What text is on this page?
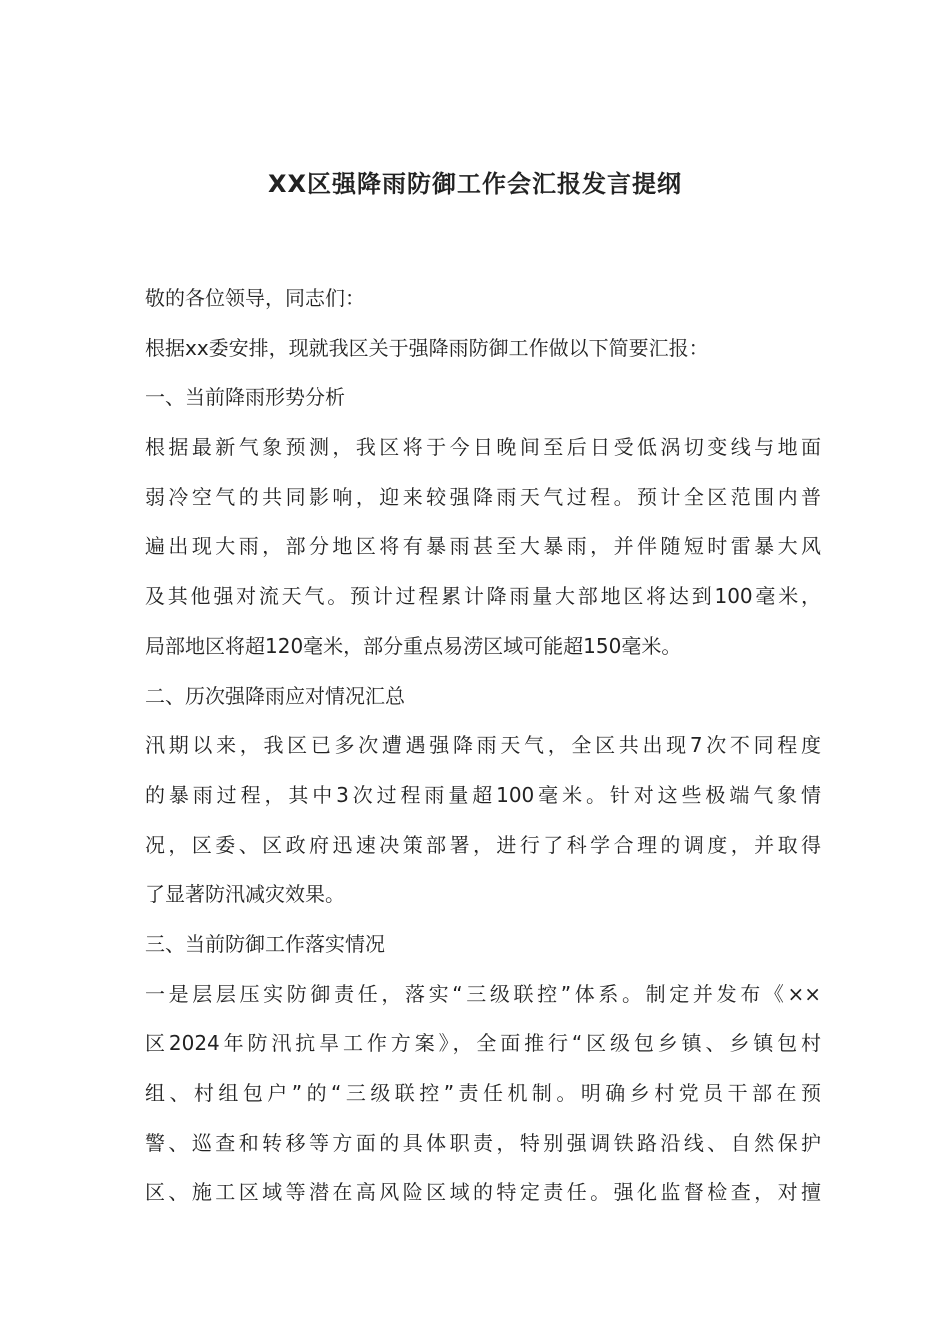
XX区强降雨防御工作会汇报发言提纲
敬的各位领导，同志们：
根据xx委安排，现就我区关于强降雨防御工作做以下简要汇报：
一、当前降雨形势分析
根据最新气象预测，我区将于今日晚间至后日受低涡切变线与地面
弱冷空气的共同影响，迎来较强降雨天气过程。预计全区范围内普
遍出现大雨，部分地区将有暴雨甚至大暴雨，并伴随短时雷暴大风
及其他强对流天气。预计过程累计降雨量大部地区将达到100毫米，
局部地区将超120毫米，部分重点易涝区域可能超150毫米。
二、历次强降雨应对情况汇总
汛期以来，我区已多次遭遇强降雨天气，全区共出现7次不同程度
的暴雨过程，其中3次过程雨量超100毫米。针对这些极端气象情
况，区委、区政府迅速决策部署，进行了科学合理的调度，并取得
了显著防汛减灾效果。
三、当前防御工作落实情况
一是层层压实防御责任，落实“三级联控”体系。制定并发布《××
区2024年防汛抗旱工作方案》，全面推行“区级包乡镇、乡镇包村
组、村组包户”的“三级联控”责任机制。明确乡村党员干部在预
警、巡查和转移等方面的具体职责，特别强调铁路沿线、自然保护
区、施工区域等潜在高风险区域的特定责任。强化监督检查，对擅
